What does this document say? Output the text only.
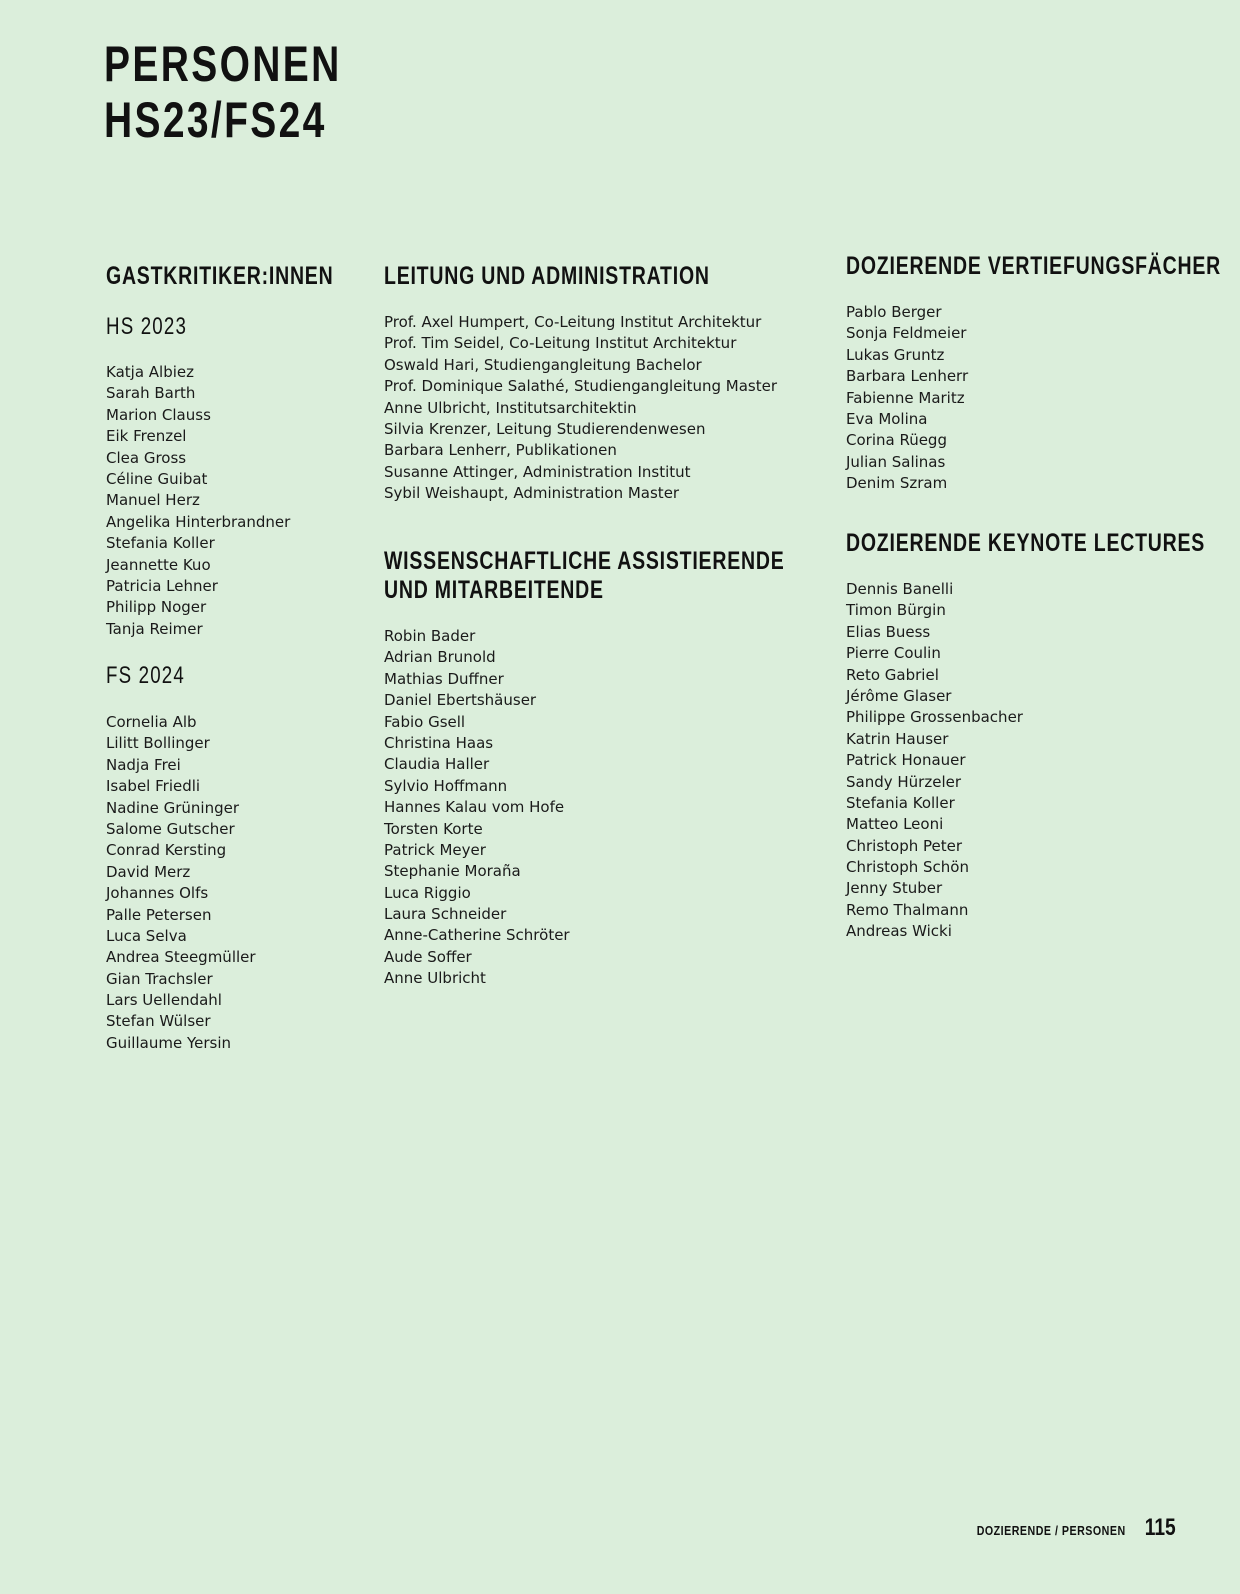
PERSONEN
HS23/FS24
GASTKRITIKER:INNEN
HS 2023
Katja Albiez
Sarah Barth
Marion Clauss
Eik Frenzel
Clea Gross
Céline Guibat
Manuel Herz
Angelika Hinterbrandner
Stefania Koller
Jeannette Kuo
Patricia Lehner
Philipp Noger
Tanja Reimer
FS 2024
Cornelia Alb
Lilitt Bollinger
Nadja Frei
Isabel Friedli
Nadine Grüninger
Salome Gutscher
Conrad Kersting
David Merz
Johannes Olfs
Palle Petersen
Luca Selva
Andrea Steegmüller
Gian Trachsler
Lars Uellendahl
Stefan Wülser
Guillaume Yersin
LEITUNG UND ADMINISTRATION
Prof. Axel Humpert, Co-Leitung Institut Architektur
Prof. Tim Seidel, Co-Leitung Institut Architektur
Oswald Hari, Studiengangleitung Bachelor
Prof. Dominique Salathé, Studiengangleitung Master
Anne Ulbricht, Institutsarchitektin
Silvia Krenzer, Leitung Studierendenwesen
Barbara Lenherr, Publikationen
Susanne Attinger, Administration Institut
Sybil Weishaupt, Administration Master
WISSENSCHAFTLICHE ASSISTIERENDE
UND MITARBEITENDE
Robin Bader
Adrian Brunold
Mathias Duffner
Daniel Ebertshäuser
Fabio Gsell
Christina Haas
Claudia Haller
Sylvio Hoffmann
Hannes Kalau vom Hofe
Torsten Korte
Patrick Meyer
Stephanie Moraña
Luca Riggio
Laura Schneider
Anne-Catherine Schröter
Aude Soffer
Anne Ulbricht
DOZIERENDE VERTIEFUNGSFÄCHER
Pablo Berger
Sonja Feldmeier
Lukas Gruntz
Barbara Lenherr
Fabienne Maritz
Eva Molina
Corina Rüegg
Julian Salinas
Denim Szram
DOZIERENDE KEYNOTE LECTURES
Dennis Banelli
Timon Bürgin
Elias Buess
Pierre Coulin
Reto Gabriel
Jérôme Glaser
Philippe Grossenbacher
Katrin Hauser
Patrick Honauer
Sandy Hürzeler
Stefania Koller
Matteo Leoni
Christoph Peter
Christoph Schön
Jenny Stuber
Remo Thalmann
Andreas Wicki
DOZIERENDE / PERSONEN 115
